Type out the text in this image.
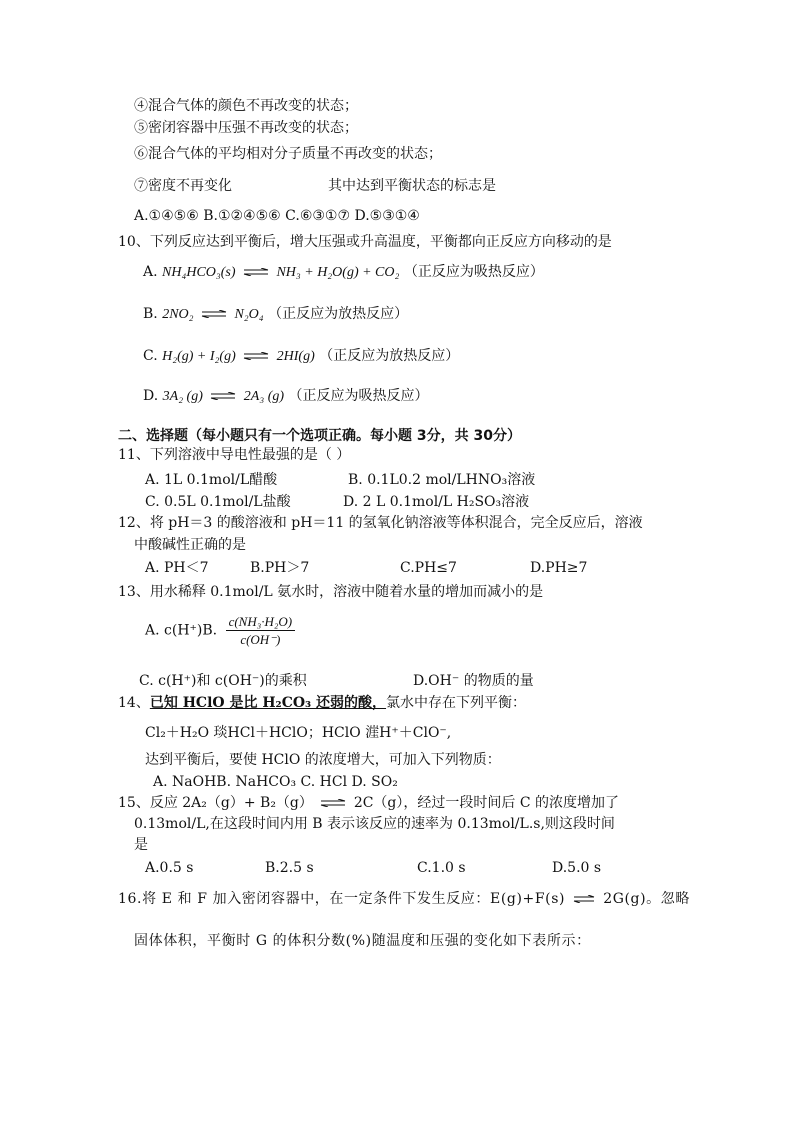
④混合气体的颜色不再改变的状态；
⑤密闭容器中压强不再改变的状态；
⑥混合气体的平均相对分子质量不再改变的状态；
⑦密度不再变化	其中达到平衡状态的标志是
A.①④⑤⑥ B.①②④⑤⑥ C.⑥③①⑦ D.⑤③①④
10、下列反应达到平衡后，增大压强或升高温度，平衡都向正反应方向移动的是
A. NH₄HCO₃(s) ⇌ NH₃ + H₂O(g) + CO₂ （正反应为吸热反应）
B. 2NO₂ ⇌ N₂O₄ （正反应为放热反应）
C. H₂(g) + I₂(g) ⇌ 2HI(g) （正反应为放热反应）
D. 3A₂ (g) ⇌ 2A₃ (g) （正反应为吸热反应）
二、选择题（每小题只有一个选项正确。每小题 3分，共 30分）
11、下列溶液中导电性最强的是（ ）
A. 1L 0.1mol/L醋酸	B. 0.1L0.2 mol/LHNO₃溶液
C. 0.5L 0.1mol/L盐酸	D. 2 L 0.1mol/L H₂SO₃溶液
12、将 pH＝3 的酸溶液和 pH＝11 的氢氧化钠溶液等体积混合，完全反应后，溶液
中酸碱性正确的是
A. PH＜7	B.PH＞7	C.PH≤7	D.PH≥7
13、用水稀释 0.1mol/L 氨水时，溶液中随着水量的增加而减小的是
A. c(H⁺)B. $\frac{\text{c(NH₃·H₂O)}}{c(OH^-)}$
C. c(H⁺)和 c(OH⁻)的乘积	D.OH⁻ 的物质的量
14、已知 HClO 是比 H₂CO₃ 还弱的酸，氯水中存在下列平衡：
Cl₂＋H₂O 琰HCl＋HClO；HClO 漄H⁺＋ClO⁻,
达到平衡后，要使 HClO 的浓度增大，可加入下列物质：
A. NaOHB. NaHCO₃ C. HCl D. SO₂
15、反应 2A₂（g）+ B₂（g） ⇌ 2C（g），经过一段时间后 C 的浓度增加了
0.13mol/L,在这段时间内用 B 表示该反应的速率为 0.13mol/L.s,则这段时间
是
A.0.5 s	B.2.5 s	C.1.0 s	D.5.0 s
16.将 E 和 F 加入密闭容器中，在一定条件下发生反应：E(g)+F(s) ⇌ 2G(g)。忽略
固体体积，平衡时 G 的体积分数(%)随温度和压强的变化如下表所示：
